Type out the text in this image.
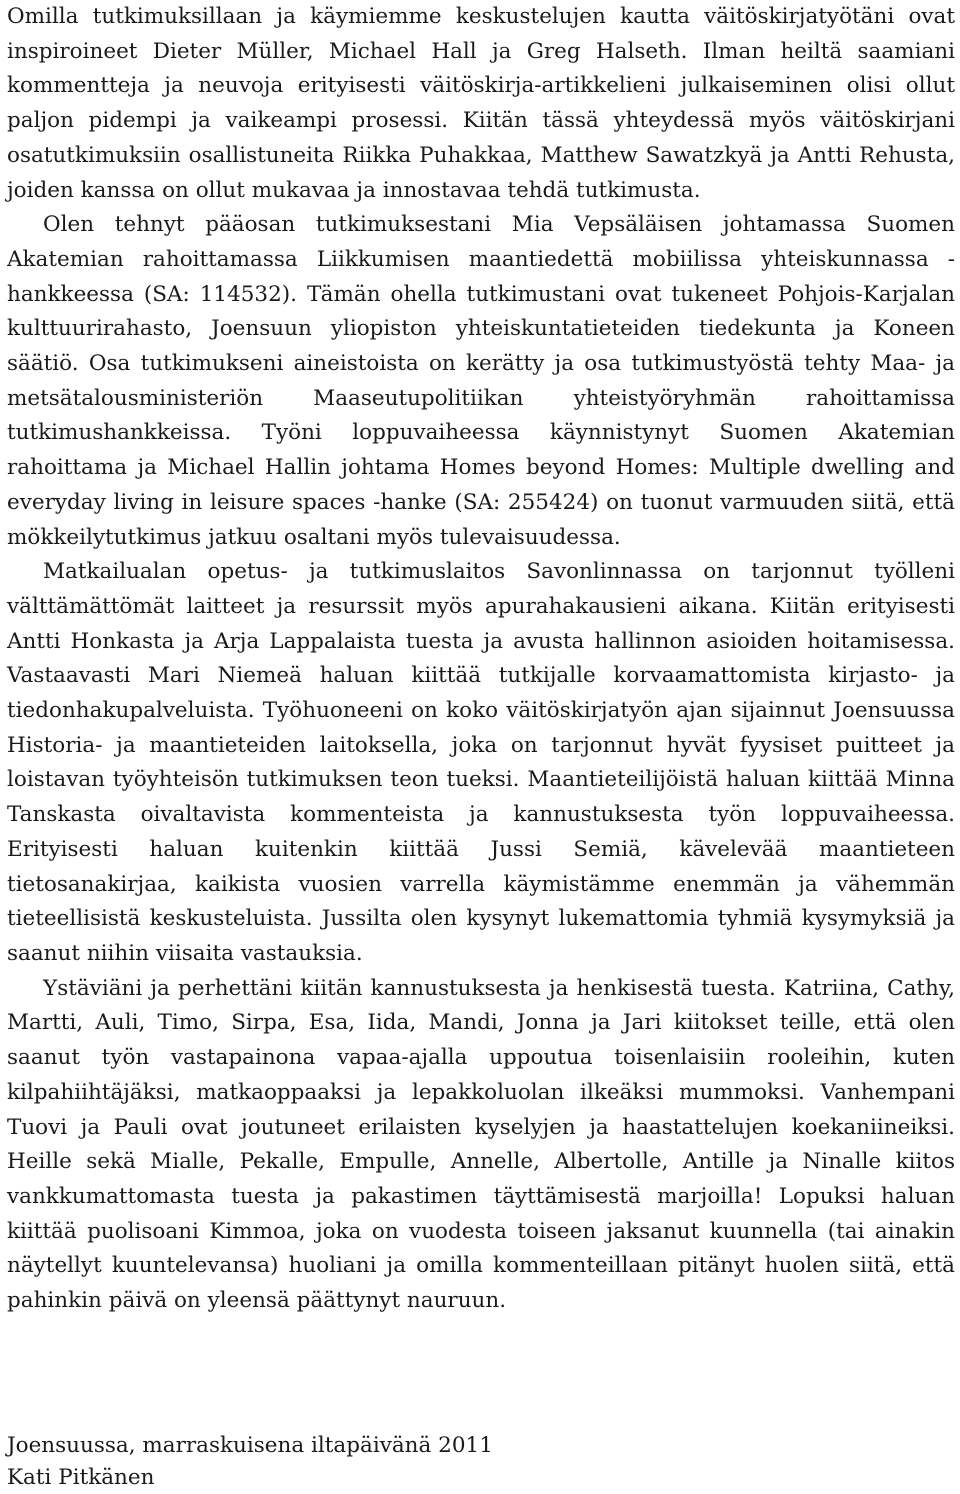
Omilla tutkimuksillaan ja käymiemme keskustelujen kautta väitöskirjatyötäni ovat inspiroineet Dieter Müller, Michael Hall ja Greg Halseth. Ilman heiltä saamiani kommentteja ja neuvoja erityisesti väitöskirja-artikkelieni julkaiseminen olisi ollut paljon pidempi ja vaikeampi prosessi. Kiitän tässä yhteydessä myös väitöskirjani osatutkimuksiin osallistuneita Riikka Puhakkaa, Matthew Sawatzkyä ja Antti Rehusta, joiden kanssa on ollut mukavaa ja innostavaa tehdä tutkimusta.

Olen tehnyt pääosan tutkimuksestani Mia Vepsäläisen johtamassa Suomen Akatemian rahoittamassa Liikkumisen maantiedettä mobiilissa yhteiskunnassa -hankkeessa (SA: 114532). Tämän ohella tutkimustani ovat tukeneet Pohjois-Karjalan kulttuurirahasto, Joensuun yliopiston yhteiskuntatieteiden tiedekunta ja Koneen säätiö. Osa tutkimukseni aineistoista on kerätty ja osa tutkimustyöstä tehty Maa- ja metsätalousministeriön Maaseutupolitiikan yhteistyöryhmän rahoittamissa tutkimushankkeissa. Työni loppuvaiheessa käynnistynyt Suomen Akatemian rahoittama ja Michael Hallin johtama Homes beyond Homes: Multiple dwelling and everyday living in leisure spaces -hanke (SA: 255424) on tuonut varmuuden siitä, että mökkeilytutkimus jatkuu osaltani myös tulevaisuudessa.

Matkailualan opetus- ja tutkimuslaitos Savonlinnassa on tarjonnut työlleni välttämättömät laitteet ja resurssit myös apurahakausieni aikana. Kiitän erityisesti Antti Honkasta ja Arja Lappalaista tuesta ja avusta hallinnon asioiden hoitamisessa. Vastaavasti Mari Niemeä haluan kiittää tutkijalle korvaamattomista kirjasto- ja tiedonhakupalveluista. Työhuoneeni on koko väitöskirjatyön ajan sijainnut Joensuussa Historia- ja maantieteiden laitoksella, joka on tarjonnut hyvät fyysiset puitteet ja loistavan työyhteisön tutkimuksen teon tueksi. Maantieteilijöistä haluan kiittää Minna Tanskasta oivaltavista kommenteista ja kannustuksesta työn loppuvaiheessa. Erityisesti haluan kuitenkin kiittää Jussi Semiä, kävelevää maantieteen tietosanakirjaa, kaikista vuosien varrella käymistämme enemmän ja vähemmän tieteellisistä keskusteluista. Jussilta olen kysynyt lukemattomia tyhmiä kysymyksiä ja saanut niihin viisaita vastauksia.

Ystäviäni ja perhettäni kiitän kannustuksesta ja henkisestä tuesta. Katriina, Cathy, Martti, Auli, Timo, Sirpa, Esa, Iida, Mandi, Jonna ja Jari kiitokset teille, että olen saanut työn vastapainona vapaa-ajalla uppoutua toisenlaisiin rooleihin, kuten kilpahiihtäjäksi, matkaoppaaksi ja lepakkoluolan ilkeäksi mummoksi. Vanhempani Tuovi ja Pauli ovat joutuneet erilaisten kyselyjen ja haastattelujen koekaniineiksi. Heille sekä Mialle, Pekalle, Empulle, Annelle, Albertolle, Antille ja Ninalle kiitos vankkumattomasta tuesta ja pakastimen täyttämisestä marjoilla! Lopuksi haluan kiittää puolisoani Kimmoa, joka on vuodesta toiseen jaksanut kuunnella (tai ainakin näytellyt kuuntelevansa) huoliani ja omilla kommenteillaan pitänyt huolen siitä, että pahinkin päivä on yleensä päättynyt nauruun.

Joensuussa, marraskuisena iltapäivänä 2011
Kati Pitkänen
